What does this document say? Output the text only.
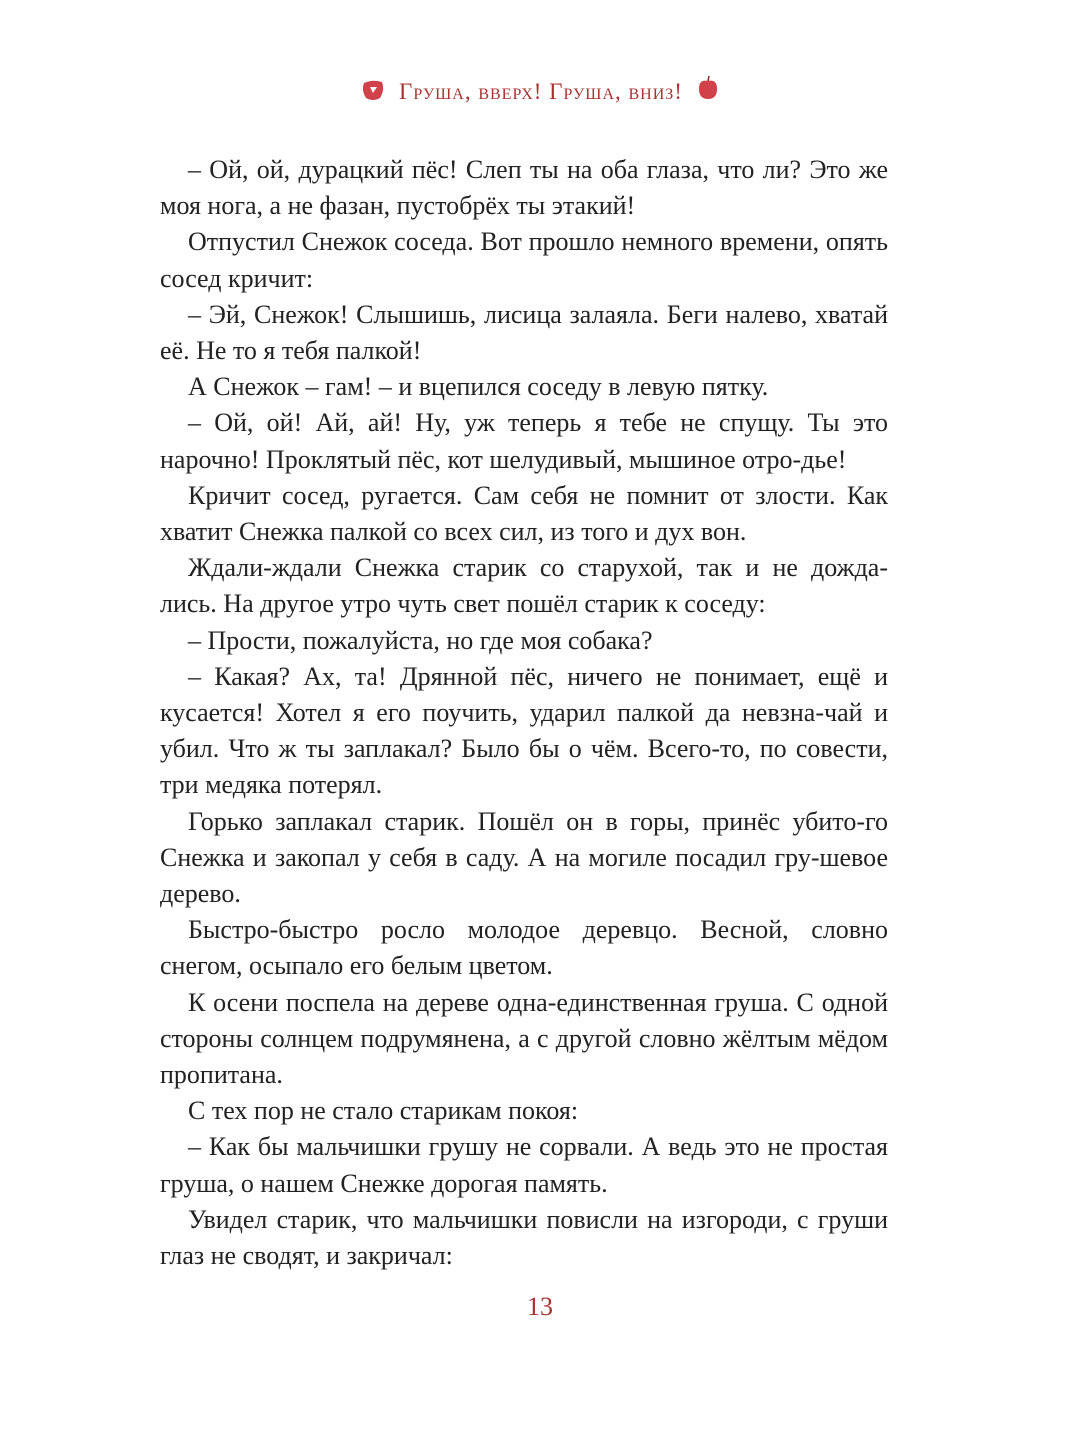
Груша, вверх! Груша, вниз!

– Ой, ой, дурацкий пёс! Слеп ты на оба глаза, что ли? Это же моя нога, а не фазан, пустобрёх ты этакий!

Отпустил Снежок соседа. Вот прошло немного времени, опять сосед кричит:

– Эй, Снежок! Слышишь, лисица залаяла. Беги налево, хватай её. Не то я тебя палкой!

А Снежок – гам! – и вцепился соседу в левую пятку.

– Ой, ой! Ай, ай! Ну, уж теперь я тебе не спущу. Ты это нарочно! Проклятый пёс, кот шелудивый, мышиное отро-дье!

Кричит сосед, ругается. Сам себя не помнит от злости. Как хватит Снежка палкой со всех сил, из того и дух вон.

Ждали-ждали Снежка старик со старухой, так и не дожда-лись. На другое утро чуть свет пошёл старик к соседу:

– Прости, пожалуйста, но где моя собака?

– Какая? Ах, та! Дрянной пёс, ничего не понимает, ещё и кусается! Хотел я его поучить, ударил палкой да невзна-чай и убил. Что ж ты заплакал? Было бы о чём. Всего-то, по совести, три медяка потерял.

Горько заплакал старик. Пошёл он в горы, принёс убито-го Снежка и закопал у себя в саду. А на могиле посадил гру-шевое дерево.

Быстро-быстро росло молодое деревцо. Весной, словно снегом, осыпало его белым цветом.

К осени поспела на дереве одна-единственная груша. С одной стороны солнцем подрумянена, а с другой словно жёлтым мёдом пропитана.

С тех пор не стало старикам покоя:

– Как бы мальчишки грушу не сорвали. А ведь это не простая груша, о нашем Снежке дорогая память.

Увидел старик, что мальчишки повисли на изгороди, с груши глаз не сводят, и закричал:

13
